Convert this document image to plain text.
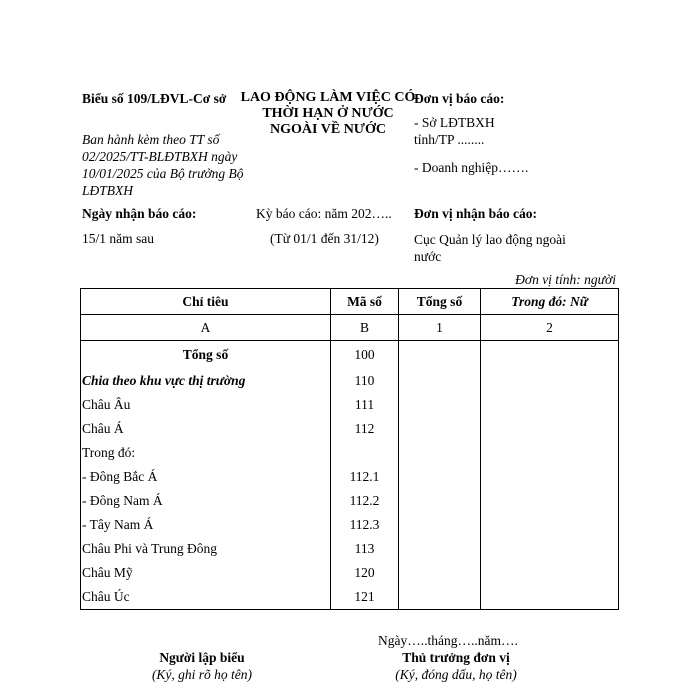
Biểu số 109/LĐVL-Cơ sở
Ban hành kèm theo TT số 02/2025/TT-BLĐTBXH ngày 10/01/2025 của Bộ trưởng Bộ LĐTBXH
LAO ĐỘNG LÀM VIỆC CÓ THỜI HẠN Ở NƯỚC NGOÀI VỀ NƯỚC
Đơn vị báo cáo:
- Sở LĐTBXH tỉnh/TP ........
- Doanh nghiệp…….
Ngày nhận báo cáo:
15/1 năm sau
Kỳ báo cáo: năm 202…..
(Từ 01/1 đến 31/12)
Đơn vị nhận báo cáo:
Cục Quản lý lao động ngoài nước
Đơn vị tính: người
Chỉ tiêu	Mã số	Tổng số	Trong đó: Nữ
A	B	1	2
Tổng số	100		
Chia theo khu vực thị trường	110		
Châu Âu	111		
Châu Á	112		
Trong đó:			
- Đông Bắc Á	112.1		
- Đông Nam Á	112.2		
- Tây Nam Á	112.3		
Châu Phi và Trung Đông	113		
Châu Mỹ	120		
Châu Úc	121		
Ngày…..tháng…..năm….
Người lập biểu
(Ký, ghi rõ họ tên)
Thủ trưởng đơn vị
(Ký, đóng dấu, họ tên)
